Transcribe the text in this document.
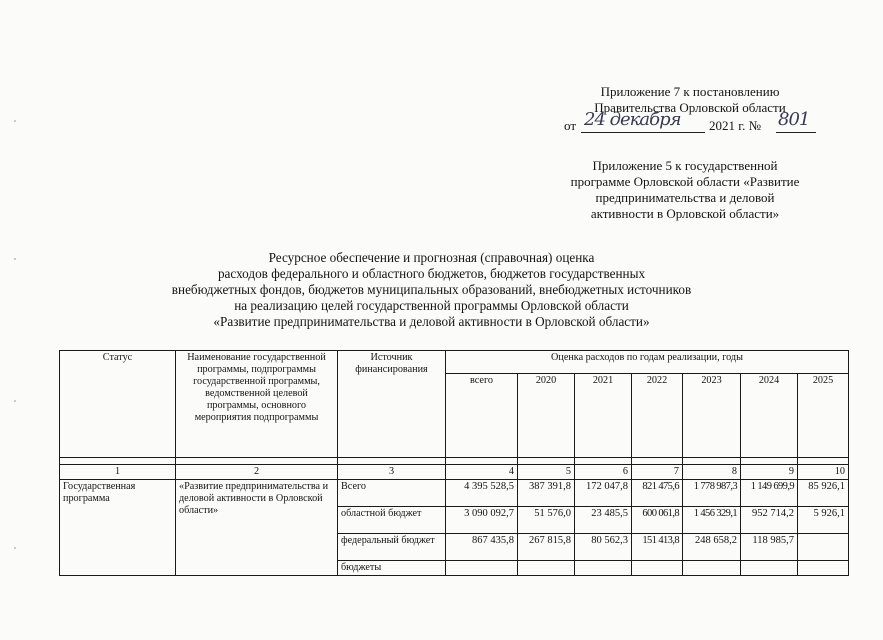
Приложение 7 к постановлению
Правительства Орловской области
от 24 декабря	2021 г. № 801
Приложение 5 к государственной
программе Орловской области «Развитие
предпринимательства и деловой
активности в Орловской области»
Ресурсное обеспечение и прогнозная (справочная) оценка
расходов федерального и областного бюджетов, бюджетов государственных
внебюджетных фондов, бюджетов муниципальных образований, внебюджетных источников
на реализацию целей государственной программы Орловской области
«Развитие предпринимательства и деловой активности в Орловской области»
Статус	Наименование государственной программы, подпрограммы государственной программы, ведомственной целевой программы, основного мероприятия подпрограммы	Источник финансирования	Оценка расходов по годам реализации, годы						
			всего	2020	2021	2022	2023	2024	2025

1	2	3	4	5	6	7	8	9	10
Государственная программа	«Развитие предпринимательства и деловой активности в Орловской области»	Всего	4 395 528,5	387 391,8	172 047,8	821 475,6	1 778 987,3	1 149 699,9	85 926,1
		областной бюджет	3 090 092,7	51 576,0	23 485,5	600 061,8	1 456 329,1	952 714,2	5 926,1
		федеральный бюджет	867 435,8	267 815,8	80 562,3	151 413,8	248 658,2	118 985,7	
		бюджеты							
